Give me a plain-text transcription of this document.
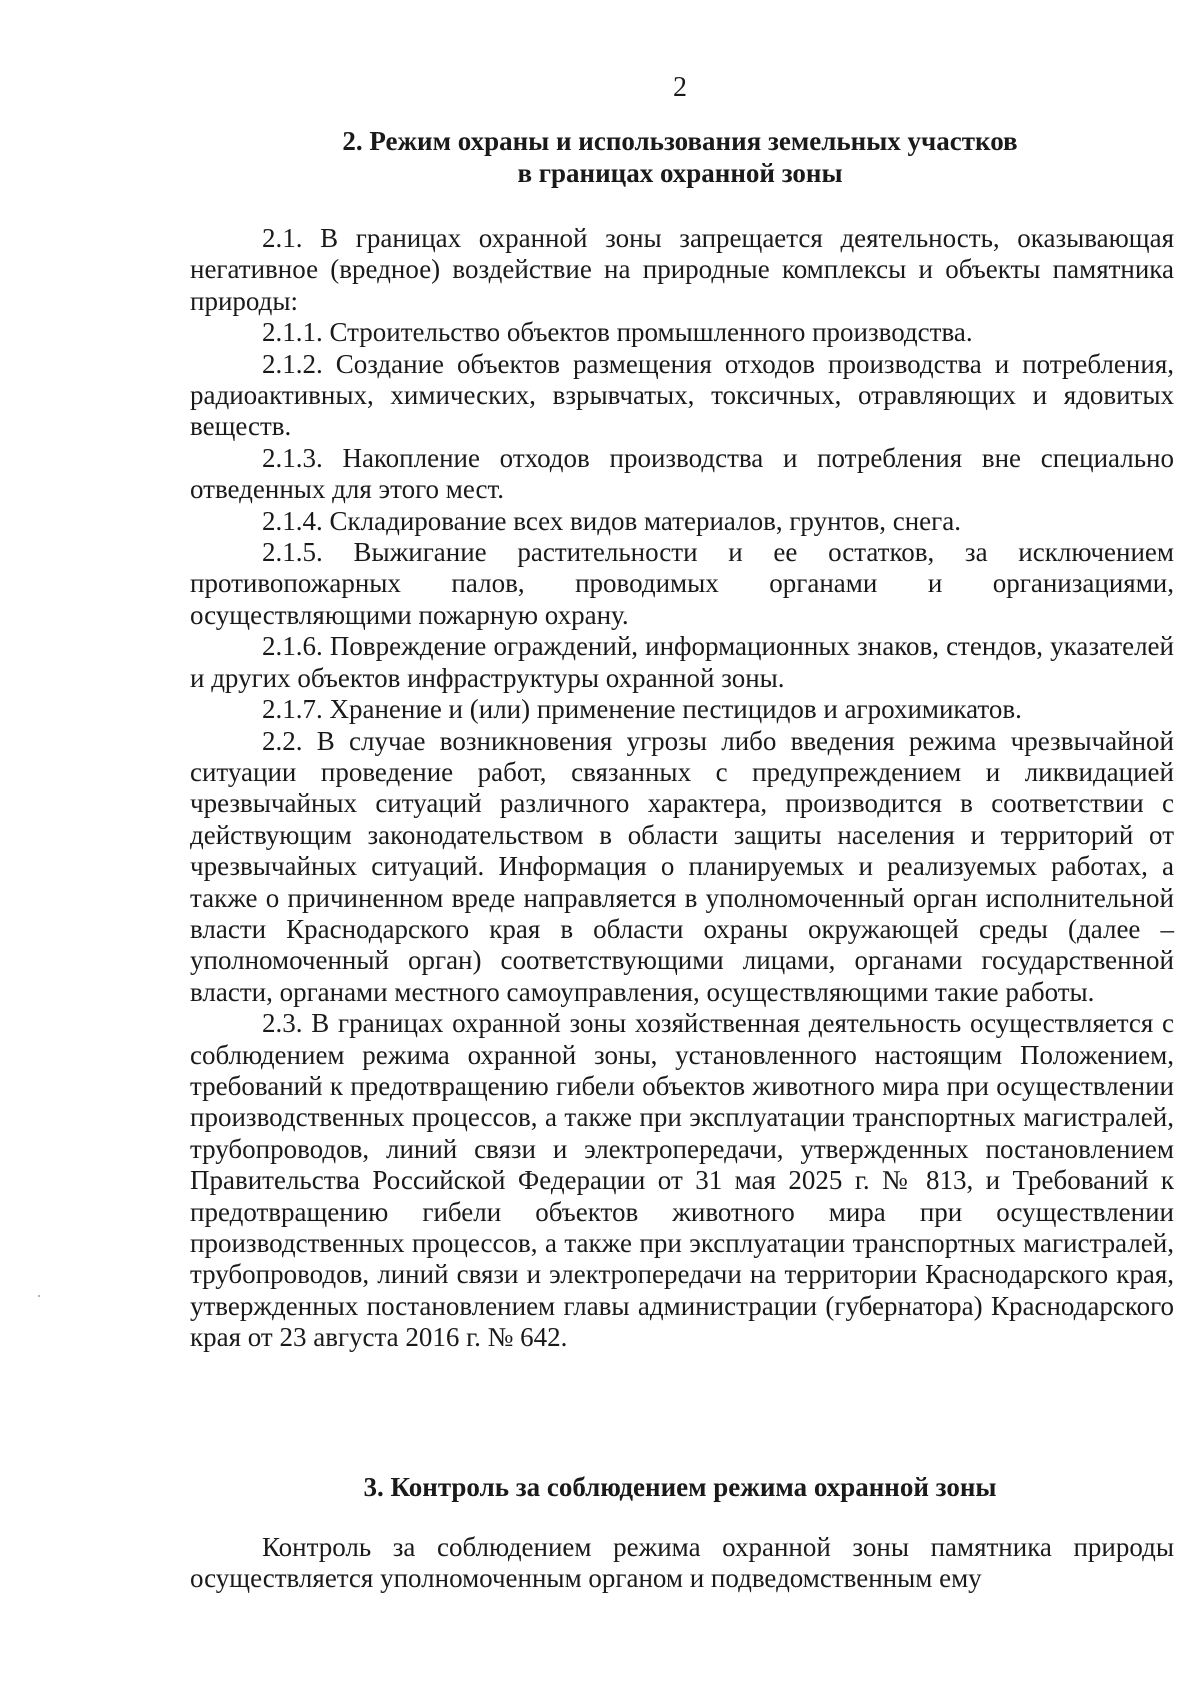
2
2. Режим охраны и использования земельных участков
в границах охранной зоны

2.1. В границах охранной зоны запрещается деятельность, оказывающая негативное (вредное) воздействие на природные комплексы и объекты памятника природы:

2.1.1. Строительство объектов промышленного производства.

2.1.2. Создание объектов размещения отходов производства и потребления, радиоактивных, химических, взрывчатых, токсичных, отравляющих и ядовитых веществ.

2.1.3. Накопление отходов производства и потребления вне специально отведенных для этого мест.

2.1.4. Складирование всех видов материалов, грунтов, снега.

2.1.5. Выжигание растительности и ее остатков, за исключением противопожарных палов, проводимых органами и организациями, осуществляющими пожарную охрану.

2.1.6. Повреждение ограждений, информационных знаков, стендов, указателей и других объектов инфраструктуры охранной зоны.

2.1.7. Хранение и (или) применение пестицидов и агрохимикатов.

2.2. В случае возникновения угрозы либо введения режима чрезвычайной ситуации проведение работ, связанных с предупреждением и ликвидацией чрезвычайных ситуаций различного характера, производится в соответствии с действующим законодательством в области защиты населения и территорий от чрезвычайных ситуаций. Информация о планируемых и реализуемых работах, а также о причиненном вреде направляется в уполномоченный орган исполнительной власти Краснодарского края в области охраны окружающей среды (далее – уполномоченный орган) соответствующими лицами, органами государственной власти, органами местного самоуправления, осуществляющими такие работы.

2.3. В границах охранной зоны хозяйственная деятельность осуществляется с соблюдением режима охранной зоны, установленного настоящим Положением, требований к предотвращению гибели объектов животного мира при осуществлении производственных процессов, а также при эксплуатации транспортных магистралей, трубопроводов, линий связи и электропередачи, утвержденных постановлением Правительства Российской Федерации от 31 мая 2025 г. № 813, и Требований к предотвращению гибели объектов животного мира при осуществлении производственных процессов, а также при эксплуатации транспортных магистралей, трубопроводов, линий связи и электропередачи на территории Краснодарского края, утвержденных постановлением главы администрации (губернатора) Краснодарского края от 23 августа 2016 г. № 642.

3. Контроль за соблюдением режима охранной зоны

Контроль за соблюдением режима охранной зоны памятника природы осуществляется уполномоченным органом и подведомственным ему
